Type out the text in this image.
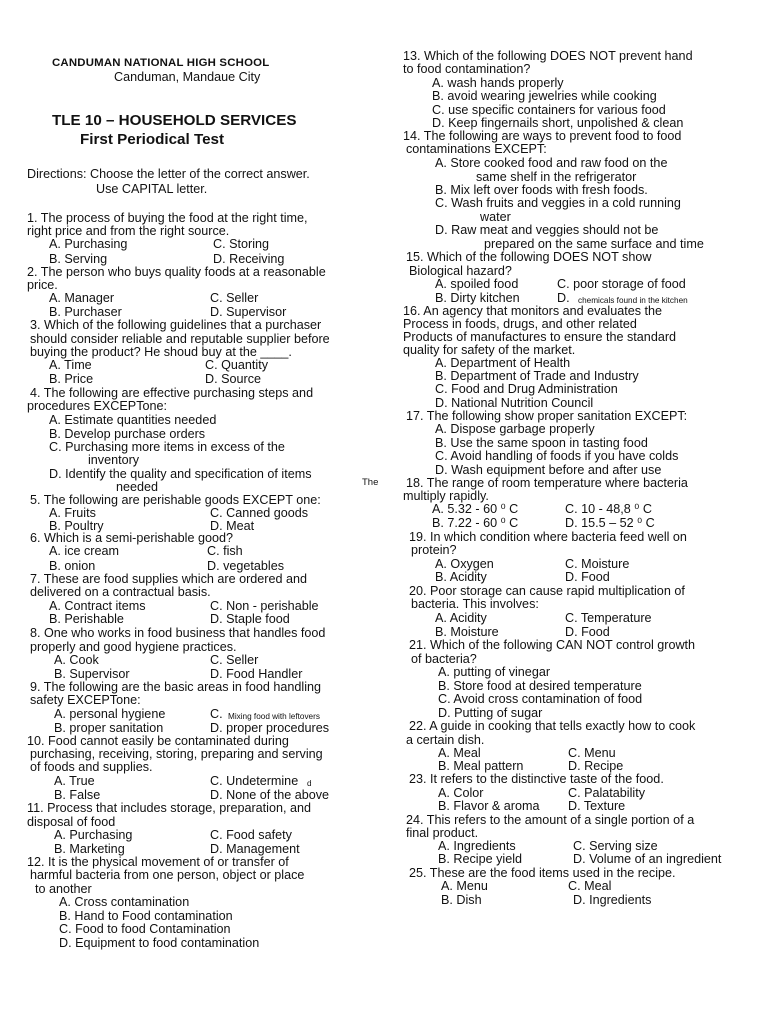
CANDUMAN NATIONAL HIGH SCHOOL
Canduman, Mandaue City
TLE 10 – HOUSEHOLD SERVICES
First Periodical Test
Directions: Choose the letter of the correct answer.
Use CAPITAL letter.
1. The process of buying the food at the right time,
right price and from the right source.
A. Purchasing	C. Storing
B. Serving	D. Receiving
2. The person who buys quality foods at a reasonable
price.
A. Manager	C. Seller
B. Purchaser	D. Supervisor
3. Which of the following guidelines that a purchaser
should consider reliable and reputable supplier before
buying the product? He shoud buy at the ____.
A. Time	C. Quantity
B. Price	D. Source
4. The following are effective purchasing steps and
procedures EXCEPTone:
A. Estimate quantities needed
B. Develop purchase orders
C. Purchasing more items in excess of the
inventory
D. Identify the quality and specification of items
needed
5. The following are perishable goods EXCEPT one:
A. Fruits	C. Canned goods
B. Poultry	D. Meat
6. Which is a semi-perishable good?
A. ice cream	C. fish
B. onion	D. vegetables
7. These are food supplies which are ordered and
delivered on a contractual basis.
A. Contract items	C. Non - perishable
B. Perishable	D. Staple food
8. One who works in food business that handles food
properly and good hygiene practices.
A. Cook	C. Seller
B. Supervisor	D. Food Handler
9. The following are the basic areas in food handling
safety EXCEPTone:
A. personal hygiene	C. Mixing food with leftovers
B. proper sanitation	D. proper procedures
10. Food cannot easily be contaminated during
purchasing, receiving, storing, preparing and serving
of foods and supplies.
A. True	C. Undetermine d
B. False	D. None of the above
11. Process that includes storage, preparation, and
disposal of food
A. Purchasing	C. Food safety
B. Marketing	D. Management
12. It is the physical movement of or transfer of
harmful bacteria from one person, object or place
to another
A. Cross contamination
B. Hand to Food contamination
C. Food to food Contamination
D. Equipment to food contamination
The
13. Which of the following DOES NOT prevent hand
to food contamination?
A. wash hands properly
B. avoid wearing jewelries while cooking
C. use specific containers for various food
D. Keep fingernails short, unpolished & clean
14. The following are ways to prevent food to food
contaminations EXCEPT:
A. Store cooked food and raw food on the
same shelf in the refrigerator
B. Mix left over foods with fresh foods.
C. Wash fruits and veggies in a cold running
water
D. Raw meat and veggies should not be
prepared on the same surface and time
15. Which of the following DOES NOT show
Biological hazard?
A. spoiled food	C. poor storage of food
B. Dirty kitchen	D. chemicals found in the kitchen
16. An agency that monitors and evaluates the
Process in foods, drugs, and other related
Products of manufactures to ensure the standard
quality for safety of the market.
A. Department of Health
B. Department of Trade and Industry
C. Food and Drug Administration
D. National Nutrition Council
17. The following show proper sanitation EXCEPT:
A. Dispose garbage properly
B. Use the same spoon in tasting food
C. Avoid handling of foods if you have colds
D. Wash equipment before and after use
18. The range of room temperature where bacteria
multiply rapidly.
A. 5.32 - 60 ⁰ C	C. 10 - 48,8 ⁰ C
B. 7.22 - 60 ⁰ C	D. 15.5 – 52 ⁰ C
19. In which condition where bacteria feed well on
protein?
A. Oxygen	C. Moisture
B. Acidity	D. Food
20. Poor storage can cause rapid multiplication of
bacteria. This involves:
A. Acidity	C. Temperature
B. Moisture	D. Food
21. Which of the following CAN NOT control growth
of bacteria?
A. putting of vinegar
B. Store food at desired temperature
C. Avoid cross contamination of food
D. Putting of sugar
22. A guide in cooking that tells exactly how to cook
a certain dish.
A. Meal	C. Menu
B. Meal pattern	D. Recipe
23. It refers to the distinctive taste of the food.
A. Color	C. Palatability
B. Flavor & aroma D. Texture
24. This refers to the amount of a single portion of a
final product.
A. Ingredients	C. Serving size
B. Recipe yield	D. Volume of an ingredient
25. These are the food items used in the recipe.
A. Menu	C. Meal
B. Dish	D. Ingredients
